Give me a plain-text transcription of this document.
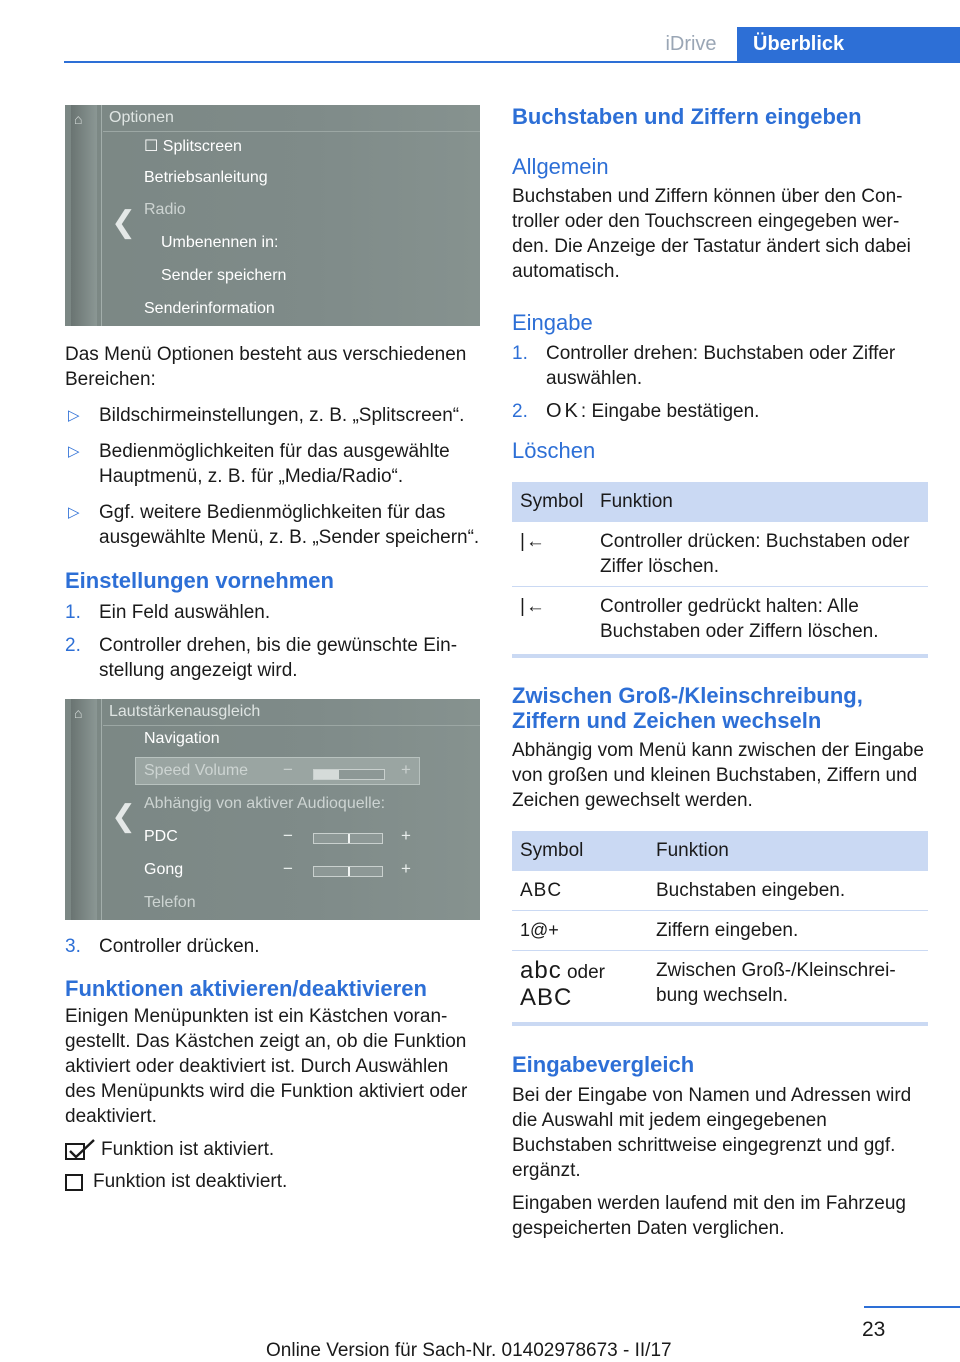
iDrive	Überblick
⌂
❮
Optionen
☐ Splitscreen
Betriebsanleitung
Radio
Umbenennen in:
Sender speichern
Senderinformation

Das Menü Optionen besteht aus verschiedenen Bereichen:

▷ Bildschirmeinstellungen, z. B. „Splitscreen“.
▷ Bedienmöglichkeiten für das ausgewählte Hauptmenü, z. B. für „Media/Radio“.
▷ Ggf. weitere Bedienmöglichkeiten für das ausgewählte Menü, z. B. „Sender speichern“.
Einstellungen vornehmen
1. Ein Feld auswählen.
2. Controller drehen, bis die gewünschte Einstellung angezeigt wird.
⌂
❮
Lautstärkenausgleich
Navigation
Speed Volume −	+
Abhängig von aktiver Audioquelle:
PDC	−	+
Gong	−	+
Telefon
3. Controller drücken.
Funktionen aktivieren/deaktivieren

Einigen Menüpunkten ist ein Kästchen vorangestellt. Das Kästchen zeigt an, ob die Funktion aktiviert oder deaktiviert ist. Durch Auswählen des Menüpunkts wird die Funktion aktiviert oder deaktiviert.

Funktion ist aktiviert.
Funktion ist deaktiviert.
Buchstaben und Ziffern eingeben
Allgemein

Buchstaben und Ziffern können über den Controller oder den Touchscreen eingegeben werden. Die Anzeige der Tastatur ändert sich dabei automatisch.

Eingabe
1. Controller drehen: Buchstaben oder Ziffer auswählen.
2. OK: Eingabe bestätigen.
Löschen
Symbol	Funktion
|←	Controller drücken: Buchstaben oder Ziffer löschen.
|←	Controller gedrückt halten: Alle Buchstaben oder Ziffern löschen.
Zwischen Groß-/Kleinschreibung, Ziffern und Zeichen wechseln

Abhängig vom Menü kann zwischen der Eingabe von großen und kleinen Buchstaben, Ziffern und Zeichen gewechselt werden.

Symbol	Funktion
ABC	Buchstaben eingeben.
1@+	Ziffern eingeben.
abc oder
ABC	Zwischen Groß-/Kleinschreibung wechseln.
Eingabevergleich

Bei der Eingabe von Namen und Adressen wird die Auswahl mit jedem eingegebenen Buchstaben schrittweise eingegrenzt und ggf. ergänzt.

Eingaben werden laufend mit den im Fahrzeug gespeicherten Daten verglichen.

23
Online Version für Sach-Nr. 01402978673 - II/17
